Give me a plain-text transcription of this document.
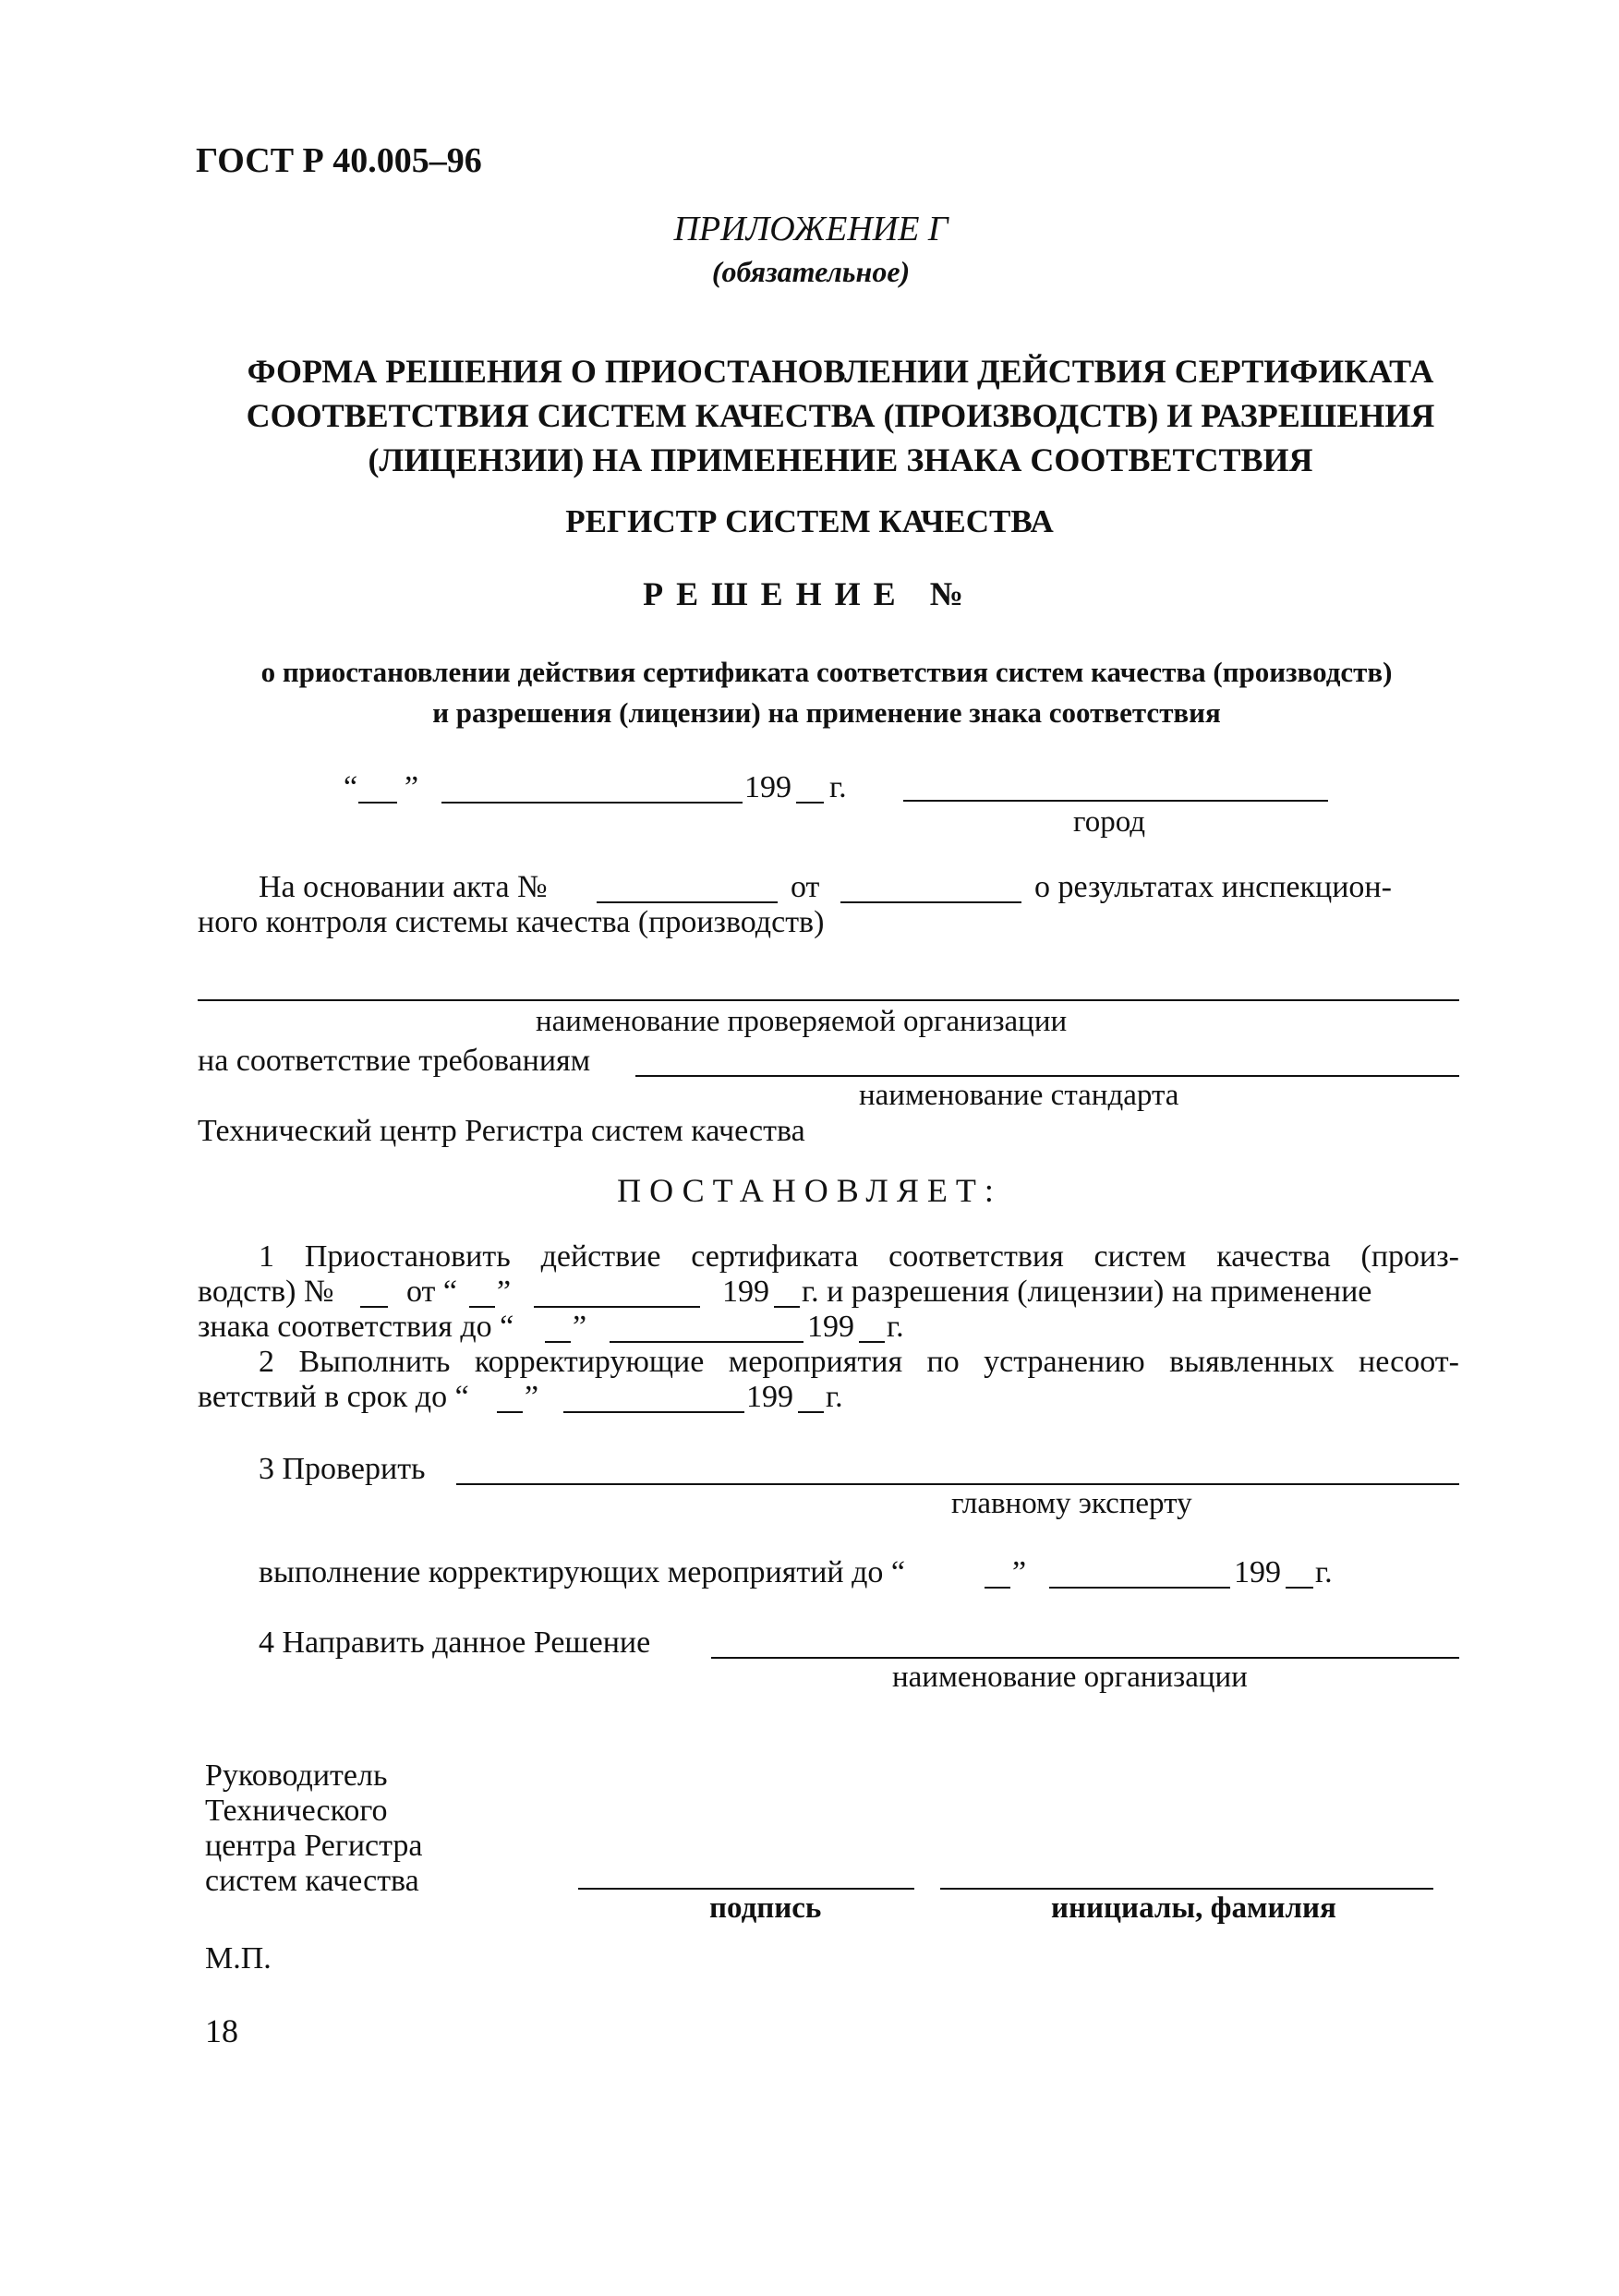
ГОСТ Р 40.005–96
ПРИЛОЖЕНИЕ Г
(обязательное)
ФОРМА РЕШЕНИЯ О ПРИОСТАНОВЛЕНИИ ДЕЙСТВИЯ СЕРТИФИКАТА СООТВЕТСТВИЯ СИСТЕМ КАЧЕСТВА (ПРОИЗВОДСТВ) И РАЗРЕШЕНИЯ (ЛИЦЕНЗИИ) НА ПРИМЕНЕНИЕ ЗНАКА СООТВЕТСТВИЯ
РЕГИСТР СИСТЕМ КАЧЕСТВА
РЕШЕНИЕ №
о приостановлении действия сертификата соответствия систем качества (производств)
и разрешения (лицензии) на применение знака соответствия
“ ”	199 г.
город
На основании акта №	от	о результатах инспекцион-
ного контроля системы качества (производств)
наименование проверяемой организации
на соответствие требованиям
наименование стандарта
Технический центр Регистра систем качества
ПОСТАНОВЛЯЕТ:
1 Приостановить действие сертификата соответствия систем качества (произ-
водств) № от “ ”	199 г. и разрешения (лицензии) на применение
знака соответствия до “ ”	199 г.
2 Выполнить корректирующие мероприятия по устранению выявленных несоот-
ветствий в срок до “ ”	199 г.
3 Проверить
главному эксперту
выполнение корректирующих мероприятий до “	”	199 г.
4 Направить данное Решение
наименование организации
Руководитель
Технического
центра Регистра
систем качества
подпись	инициалы, фамилия
М.П.
18
